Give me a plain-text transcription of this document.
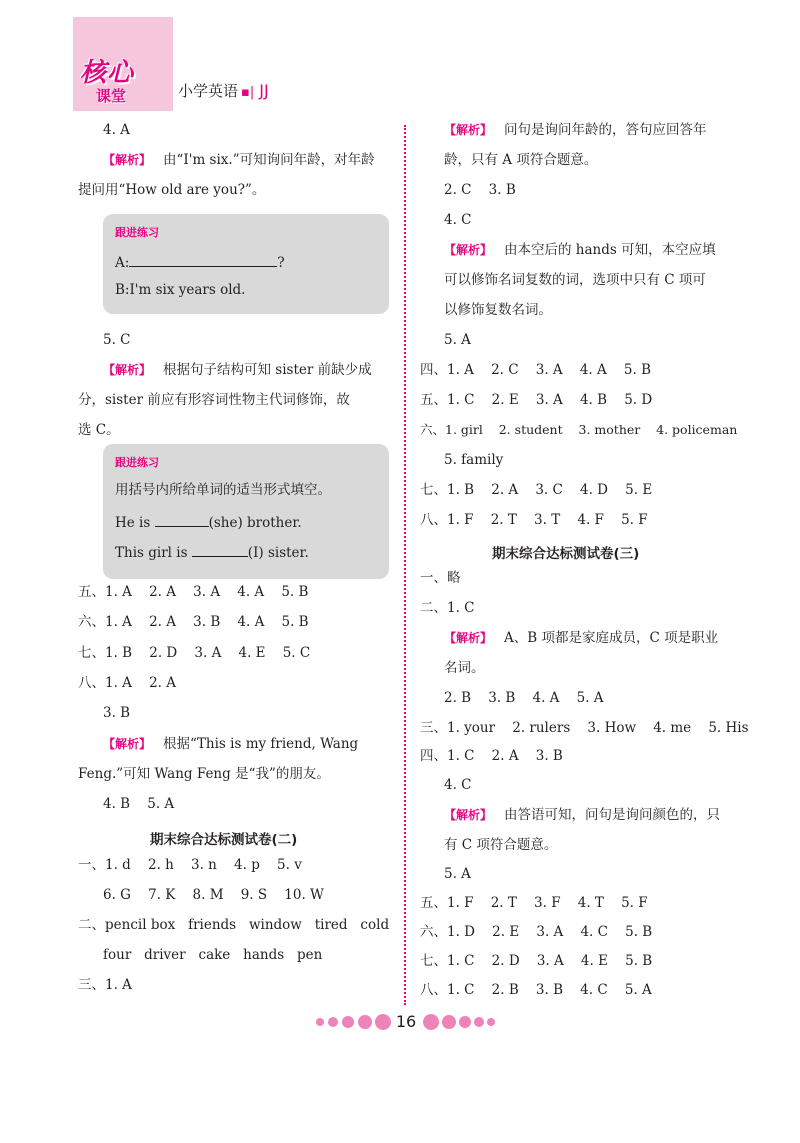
核心
课堂	小学英语 ▪| JJ
4. A
【解析】 由“I'm six.”可知询问年龄，对年龄
提问用“How old are you?”。
跟进练习
A:	?
B:I'm six years old.
5. C
【解析】 根据句子结构可知 sister 前缺少成
分，sister 前应有形容词性物主代词修饰，故
选 C。
跟进练习
用括号内所给单词的适当形式填空。
He is	(she) brother.
This girl is	(I) sister.
五、1. A    2. A    3. A    4. A    5. B
六、1. A    2. A    3. B    4. A    5. B
七、1. B    2. D    3. A    4. E    5. C
八、1. A    2. A
3. B
【解析】 根据“This is my friend, Wang
Feng.”可知 Wang Feng 是“我”的朋友。
4. B    5. A
期末综合达标测试卷(二)
一、1. d    2. h    3. n    4. p    5. v
6. G    7. K    8. M    9. S    10. W
二、pencil box   friends   window   tired   cold
four   driver   cake   hands   pen
三、1. A
【解析】 问句是询问年龄的，答句应回答年
龄，只有 A 项符合题意。
2. C    3. B
4. C
【解析】 由本空后的 hands 可知，本空应填
可以修饰名词复数的词，选项中只有 C 项可
以修饰复数名词。
5. A
四、1. A    2. C    3. A    4. A    5. B
五、1. C    2. E    3. A    4. B    5. D
六、1. girl    2. student    3. mother    4. policeman
5. family
七、1. B    2. A    3. C    4. D    5. E
八、1. F    2. T    3. T    4. F    5. F
期末综合达标测试卷(三)
一、略
二、1. C
【解析】 A、B 项都是家庭成员，C 项是职业
名词。
2. B    3. B    4. A    5. A
三、1. your    2. rulers    3. How    4. me    5. His
四、1. C    2. A    3. B
4. C
【解析】 由答语可知，问句是询问颜色的，只
有 C 项符合题意。
5. A
五、1. F    2. T    3. F    4. T    5. F
六、1. D    2. E    3. A    4. C    5. B
七、1. C    2. D    3. A    4. E    5. B
八、1. C    2. B    3. B    4. C    5. A
16
